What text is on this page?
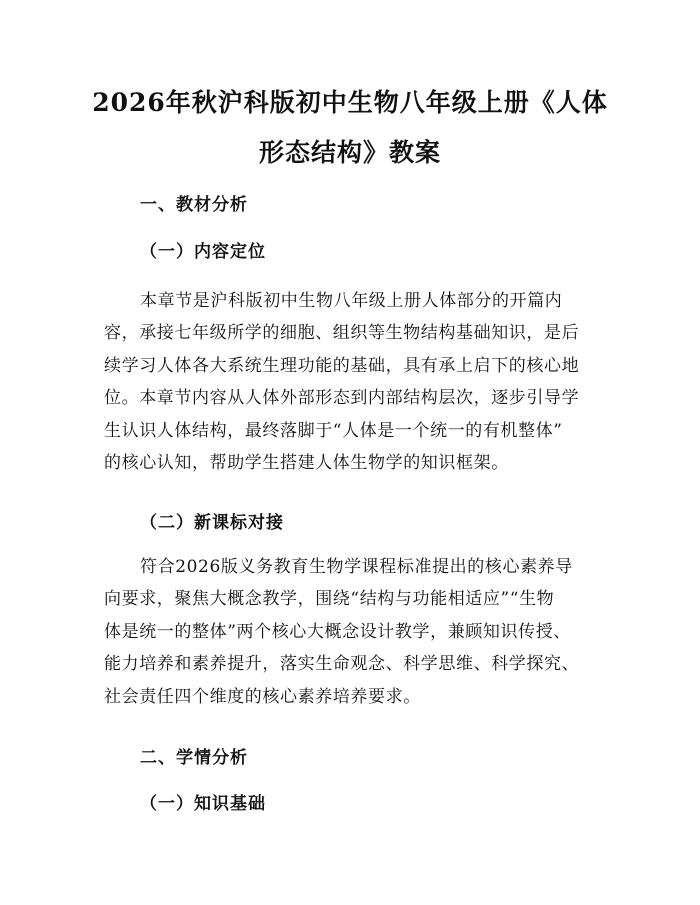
2026年秋沪科版初中生物八年级上册《人体
形态结构》教案
一、教材分析
（一）内容定位

本章节是沪科版初中生物八年级上册人体部分的开篇内
容，承接七年级所学的细胞、组织等生物结构基础知识，是后
续学习人体各大系统生理功能的基础，具有承上启下的核心地
位。本章节内容从人体外部形态到内部结构层次，逐步引导学
生认识人体结构，最终落脚于“人体是一个统一的有机整体”
的核心认知，帮助学生搭建人体生物学的知识框架。

（二）新课标对接

符合2026版义务教育生物学课程标准提出的核心素养导
向要求，聚焦大概念教学，围绕“结构与功能相适应”“生物
体是统一的整体”两个核心大概念设计教学，兼顾知识传授、
能力培养和素养提升，落实生命观念、科学思维、科学探究、
社会责任四个维度的核心素养培养要求。

二、学情分析
（一）知识基础
